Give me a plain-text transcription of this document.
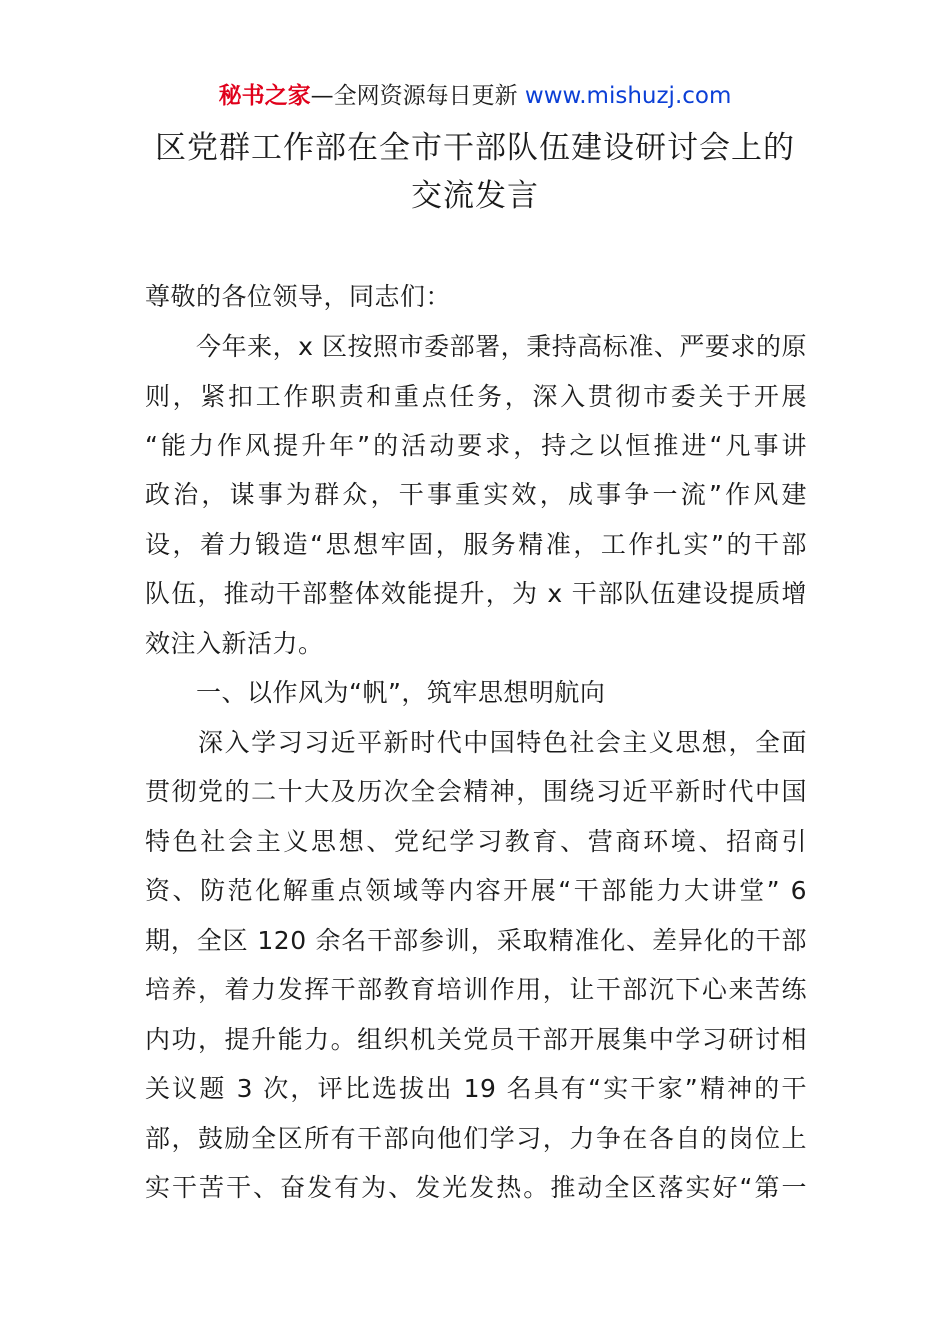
秘书之家—全网资源每日更新 www.mishuzj.com
区党群工作部在全市干部队伍建设研讨会上的
交流发言
尊敬的各位领导，同志们：
　　今年来，x 区按照市委部署，秉持高标准、严要求的原
则，紧扣工作职责和重点任务，深入贯彻市委关于开展
“能力作风提升年”的活动要求，持之以恒推进“凡事讲
政治，谋事为群众，干事重实效，成事争一流”作风建
设，着力锻造“思想牢固，服务精准，工作扎实”的干部
队伍，推动干部整体效能提升，为 x 干部队伍建设提质增
效注入新活力。
　　一、以作风为“帆”，筑牢思想明航向
　　深入学习习近平新时代中国特色社会主义思想，全面
贯彻党的二十大及历次全会精神，围绕习近平新时代中国
特色社会主义思想、党纪学习教育、营商环境、招商引
资、防范化解重点领域等内容开展“干部能力大讲堂” 6
期，全区 120 余名干部参训，采取精准化、差异化的干部
培养，着力发挥干部教育培训作用，让干部沉下心来苦练
内功，提升能力。组织机关党员干部开展集中学习研讨相
关议题 3 次，评比选拔出 19 名具有“实干家”精神的干
部，鼓励全区所有干部向他们学习，力争在各自的岗位上
实干苦干、奋发有为、发光发热。推动全区落实好“第一
